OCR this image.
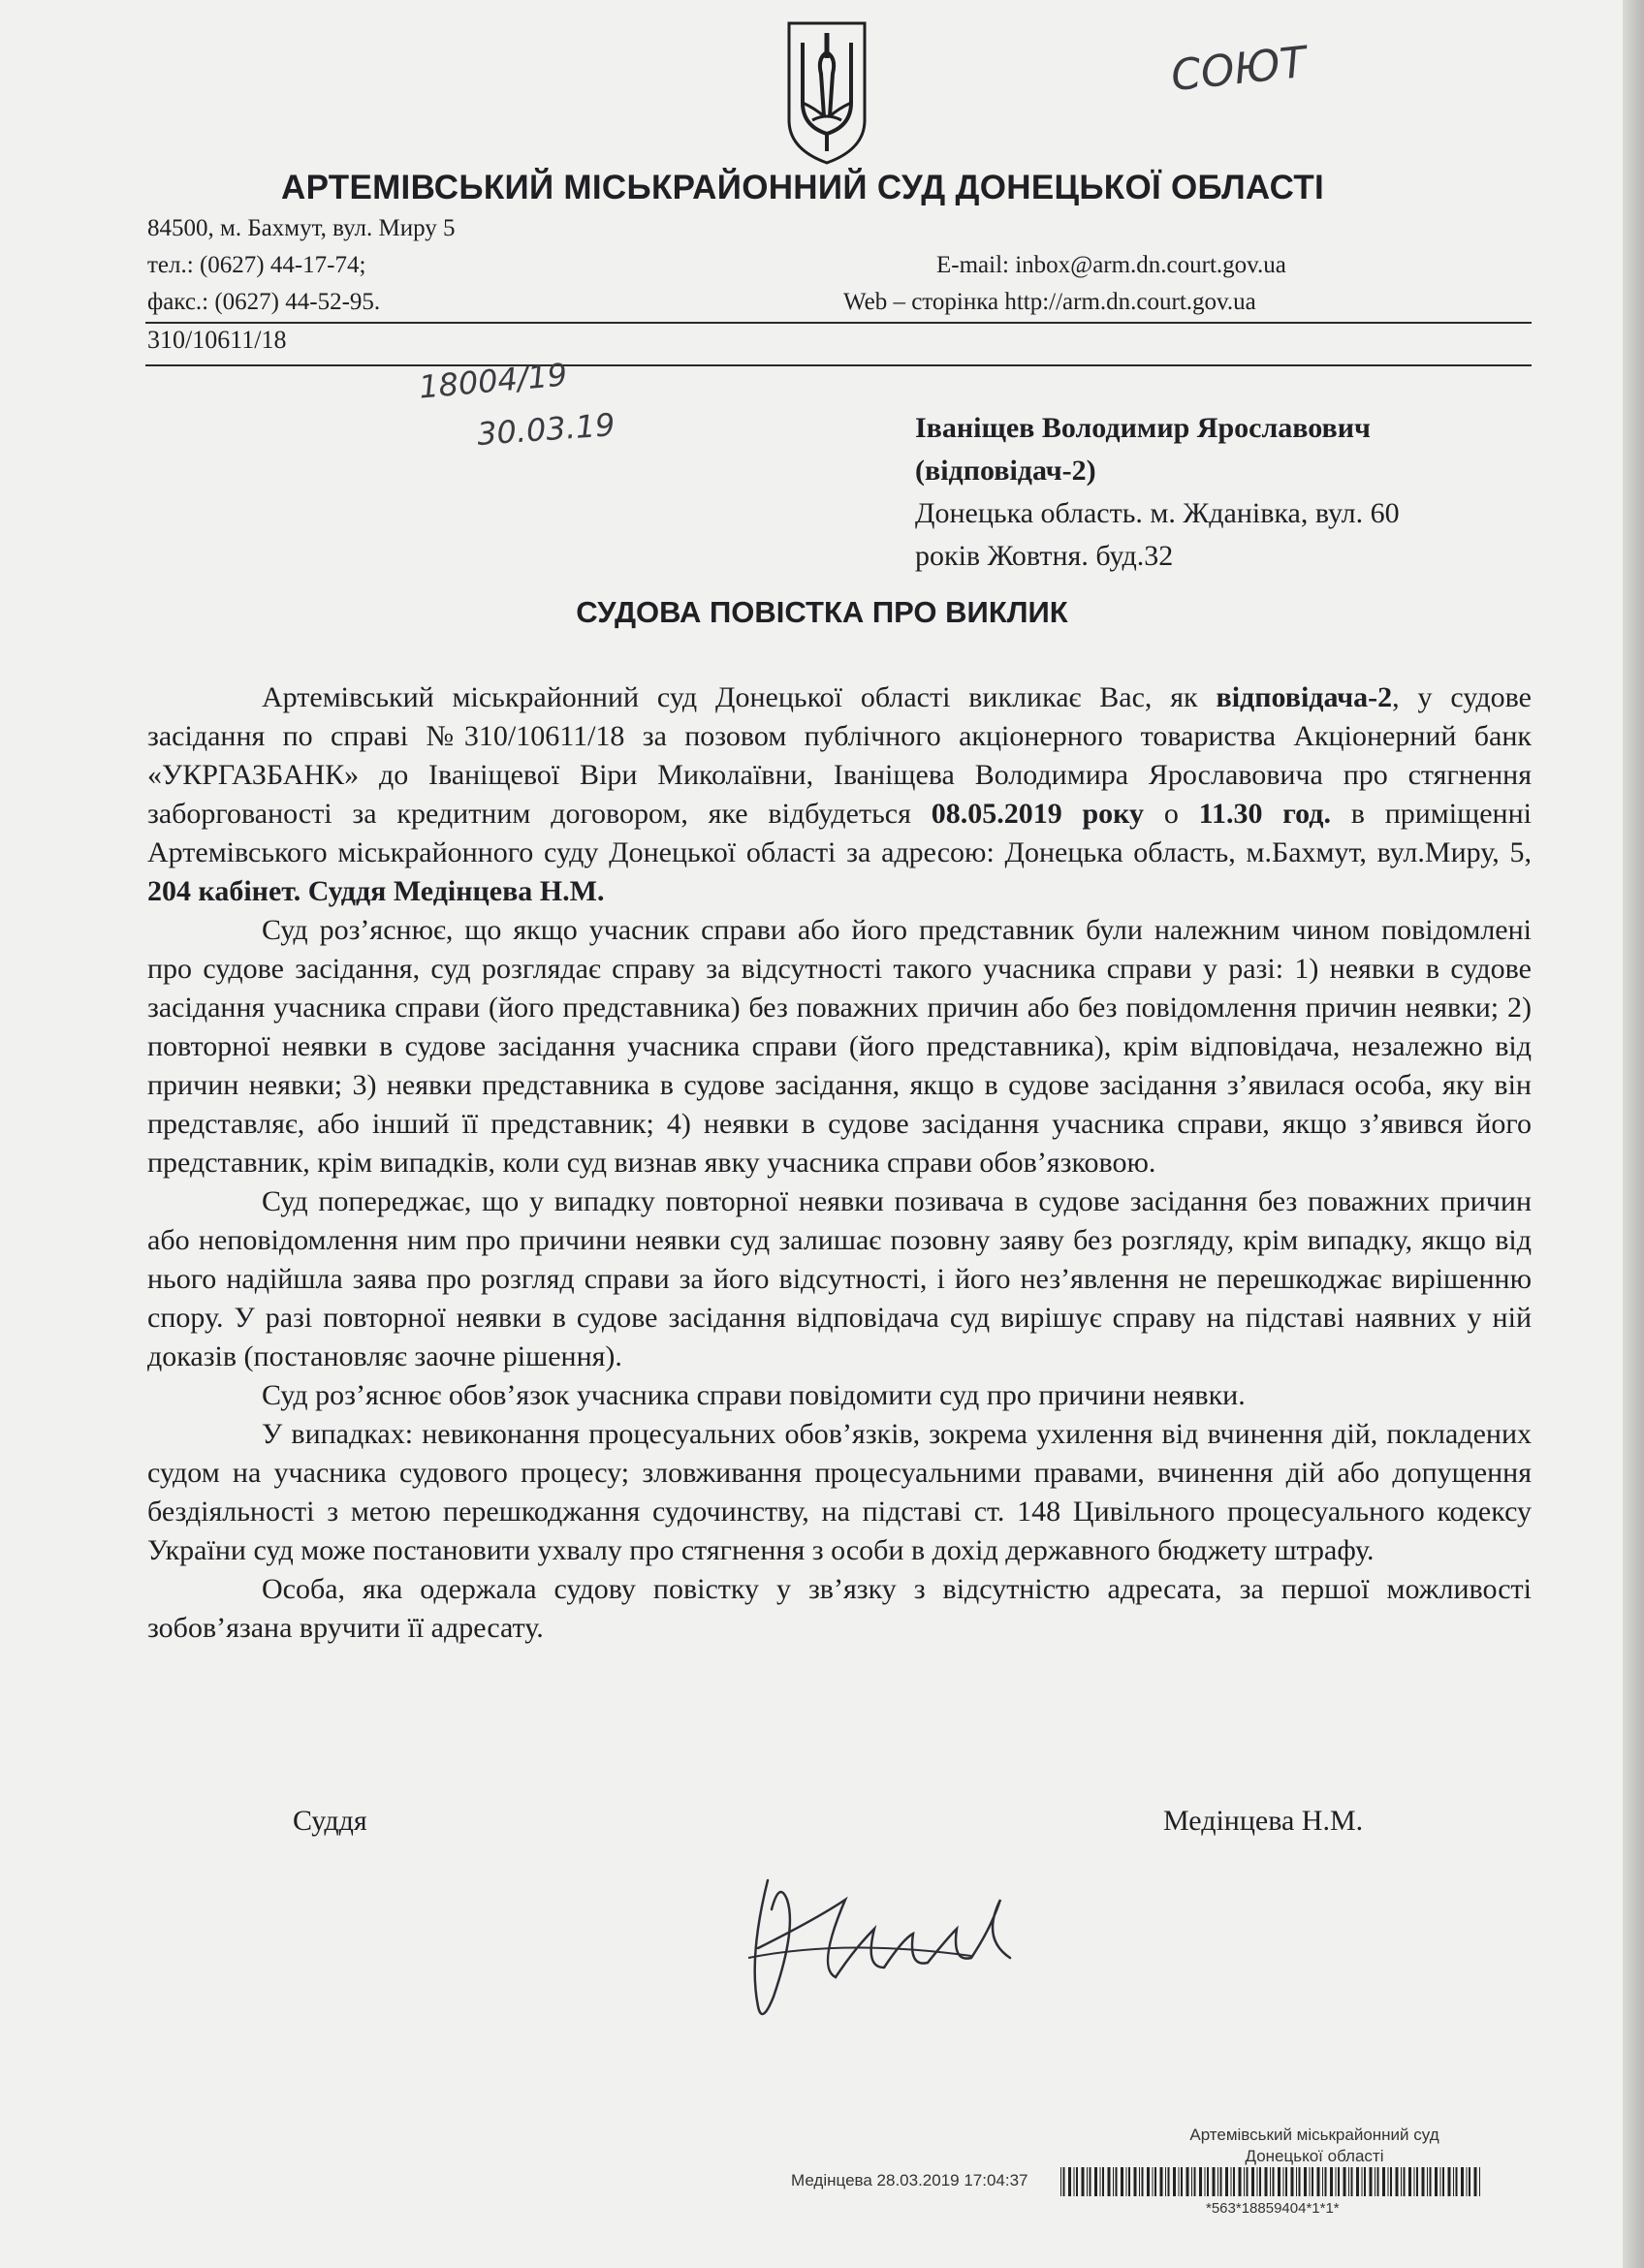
СОЮТ
АРТЕМІВСЬКИЙ МІСЬКРАЙОННИЙ СУД ДОНЕЦЬКОЇ ОБЛАСТІ
84500, м. Бахмут, вул. Миру 5
тел.: (0627) 44-17-74;
факс.: (0627) 44-52-95.
E-mail: inbox@arm.dn.court.gov.ua
Web – сторінка http://arm.dn.court.gov.ua
310/10611/18
18004/19
30.03.19	Іваніщев Володимир Ярославович
(відповідач-2)
Донецька область. м. Жданівка, вул. 60
років Жовтня. буд.32
СУДОВА ПОВІСТКА ПРО ВИКЛИК

Артемівський міськрайонний суд Донецької області викликає Вас, як відповідача-2, у судове засідання по справі №310/10611/18 за позовом публічного акціонерного товариства Акціонерний банк «УКРГАЗБАНК» до Іваніщевої Віри Миколаївни, Іваніщева Володимира Ярославовича про стягнення заборгованості за кредитним договором, яке відбудеться 08.05.2019 року о 11.30 год. в приміщенні Артемівського міськрайонного суду Донецької області за адресою: Донецька область, м.Бахмут, вул.Миру, 5, 204 кабінет. Суддя Медінцева Н.М.

Суд роз’яснює, що якщо учасник справи або його представник були належним чином повідомлені про судове засідання, суд розглядає справу за відсутності такого учасника справи у разі: 1) неявки в судове засідання учасника справи (його представника) без поважних причин або без повідомлення причин неявки; 2) повторної неявки в судове засідання учасника справи (його представника), крім відповідача, незалежно від причин неявки; 3) неявки представника в судове засідання, якщо в судове засідання з’явилася особа, яку він представляє, або інший її представник; 4) неявки в судове засідання учасника справи, якщо з’явився його представник, крім випадків, коли суд визнав явку учасника справи обов’язковою.

Суд попереджає, що у випадку повторної неявки позивача в судове засідання без поважних причин або неповідомлення ним про причини неявки суд залишає позовну заяву без розгляду, крім випадку, якщо від нього надійшла заява про розгляд справи за його відсутності, і його нез’явлення не перешкоджає вирішенню спору. У разі повторної неявки в судове засідання відповідача суд вирішує справу на підставі наявних у ній доказів (постановляє заочне рішення).

Суд роз’яснює обов’язок учасника справи повідомити суд про причини неявки.

У випадках: невиконання процесуальних обов’язків, зокрема ухилення від вчинення дій, покладених судом на учасника судового процесу; зловживання процесуальними правами, вчинення дій або допущення бездіяльності з метою перешкоджання судочинству, на підставі ст. 148 Цивільного процесуального кодексу України суд може постановити ухвалу про стягнення з особи в дохід державного бюджету штрафу.

Особа, яка одержала судову повістку у зв’язку з відсутністю адресата, за першої можливості зобов’язана вручити її адресату.

Суддя	Медінцева Н.М.
Артемівський міськрайонний суд
Донецької області
Медінцева 28.03.2019 17:04:37
*563*18859404*1*1*
